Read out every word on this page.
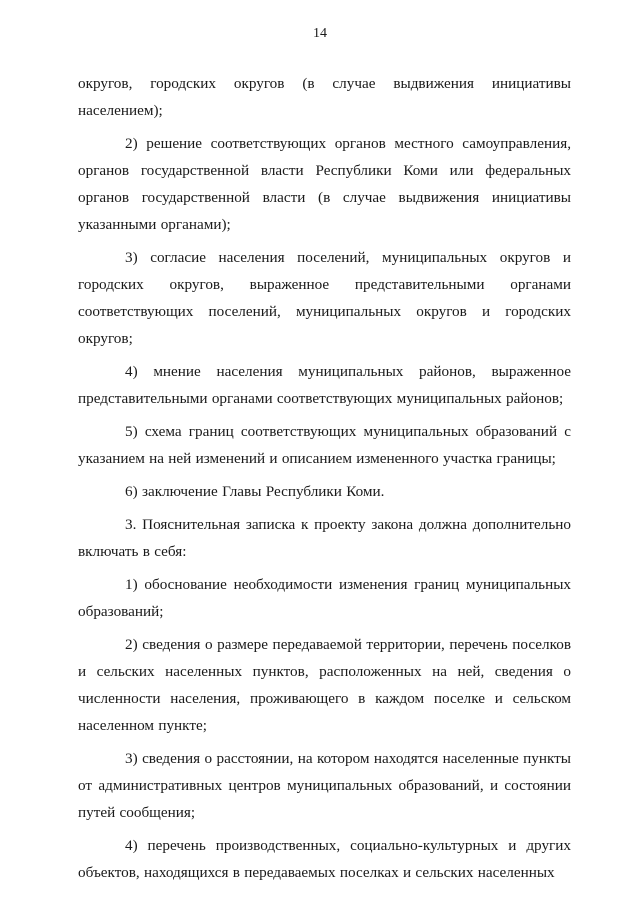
14

округов, городских округов (в случае выдвижения инициативы населением);

2) решение соответствующих органов местного самоуправления, органов государственной власти Республики Коми или федеральных органов государственной власти (в случае выдвижения инициативы указанными органами);

3) согласие населения поселений, муниципальных округов и городских округов, выраженное представительными органами соответствующих поселений, муниципальных округов и городских округов;

4) мнение населения муниципальных районов, выраженное представительными органами соответствующих муниципальных районов;

5) схема границ соответствующих муниципальных образований с указанием на ней изменений и описанием измененного участка границы;

6) заключение Главы Республики Коми.

3. Пояснительная записка к проекту закона должна дополнительно включать в себя:

1) обоснование необходимости изменения границ муниципальных образований;

2) сведения о размере передаваемой территории, перечень поселков и сельских населенных пунктов, расположенных на ней, сведения о численности населения, проживающего в каждом поселке и сельском населенном пункте;

3) сведения о расстоянии, на котором находятся населенные пункты от административных центров муниципальных образований, и состоянии путей сообщения;

4) перечень производственных, социально-культурных и других объектов, находящихся в передаваемых поселках и сельских населенных
